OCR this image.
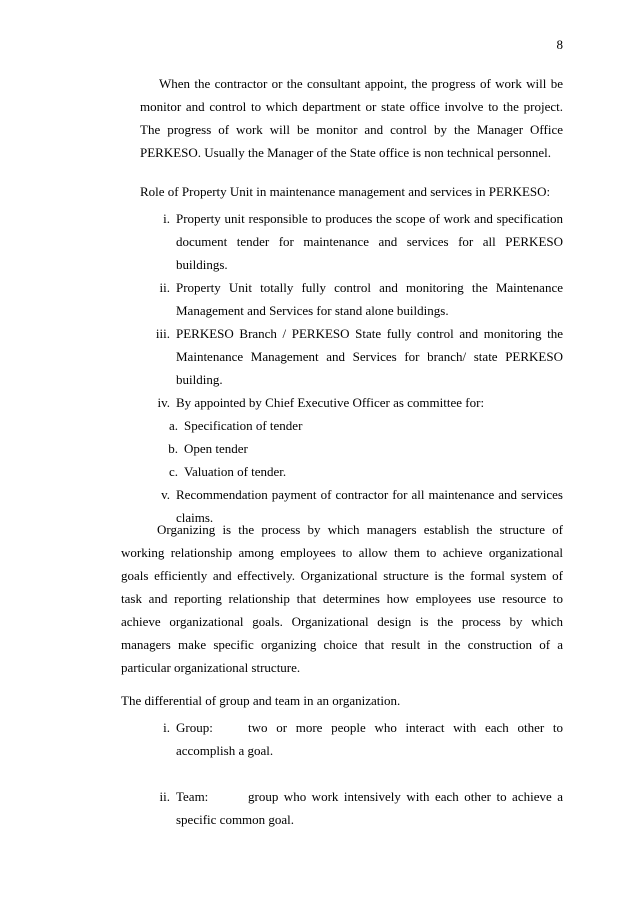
8
When the contractor or the consultant appoint, the progress of work will be monitor and control to which department or state office involve to the project. The progress of work will be monitor and control by the Manager Office PERKESO. Usually the Manager of the State office is non technical personnel.
Role of Property Unit in maintenance management and services in PERKESO:
i. Property unit responsible to produces the scope of work and specification document tender for maintenance and services for all PERKESO buildings.
ii. Property Unit totally fully control and monitoring the Maintenance Management and Services for stand alone buildings.
iii. PERKESO Branch / PERKESO State fully control and monitoring the Maintenance Management and Services for branch/ state PERKESO building.
iv. By appointed by Chief Executive Officer as committee for:
a. Specification of tender
b. Open tender
c. Valuation of tender.
v. Recommendation payment of contractor for all maintenance and services claims.
Organizing is the process by which managers establish the structure of working relationship among employees to allow them to achieve organizational goals efficiently and effectively. Organizational structure is the formal system of task and reporting relationship that determines how employees use resource to achieve organizational goals. Organizational design is the process by which managers make specific organizing choice that result in the construction of a particular organizational structure.
The differential of group and team in an organization.
i. Group:	two or more people who interact with each other to
accomplish a goal.
ii. Team:	group who work intensively with each other to achieve a
specific common goal.
